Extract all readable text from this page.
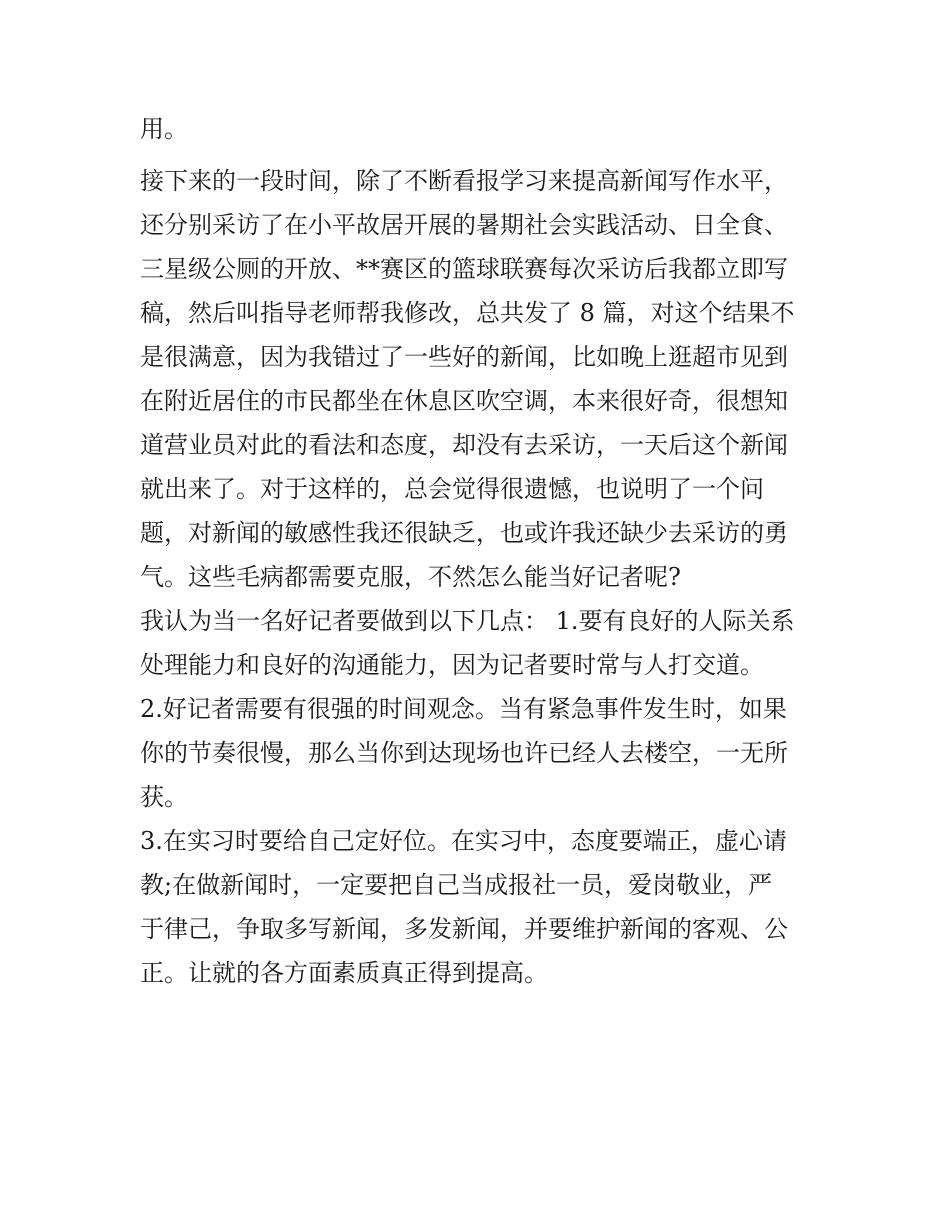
用。

接下来的一段时间，除了不断看报学习来提高新闻写作水平，

还分别采访了在小平故居开展的暑期社会实践活动、日全食、

三星级公厕的开放、**赛区的篮球联赛每次采访后我都立即写

稿，然后叫指导老师帮我修改，总共发了 8 篇，对这个结果不

是很满意，因为我错过了一些好的新闻，比如晚上逛超市见到

在附近居住的市民都坐在休息区吹空调，本来很好奇，很想知

道营业员对此的看法和态度，却没有去采访，一天后这个新闻

就出来了。对于这样的，总会觉得很遗憾，也说明了一个问

题，对新闻的敏感性我还很缺乏，也或许我还缺少去采访的勇

气。这些毛病都需要克服，不然怎么能当好记者呢?

我认为当一名好记者要做到以下几点： 1.要有良好的人际关系

处理能力和良好的沟通能力，因为记者要时常与人打交道。

2.好记者需要有很强的时间观念。当有紧急事件发生时，如果

你的节奏很慢，那么当你到达现场也许已经人去楼空，一无所

获。

3.在实习时要给自己定好位。在实习中，态度要端正，虚心请

教;在做新闻时，一定要把自己当成报社一员，爱岗敬业，严

于律己，争取多写新闻，多发新闻，并要维护新闻的客观、公

正。让就的各方面素质真正得到提高。
